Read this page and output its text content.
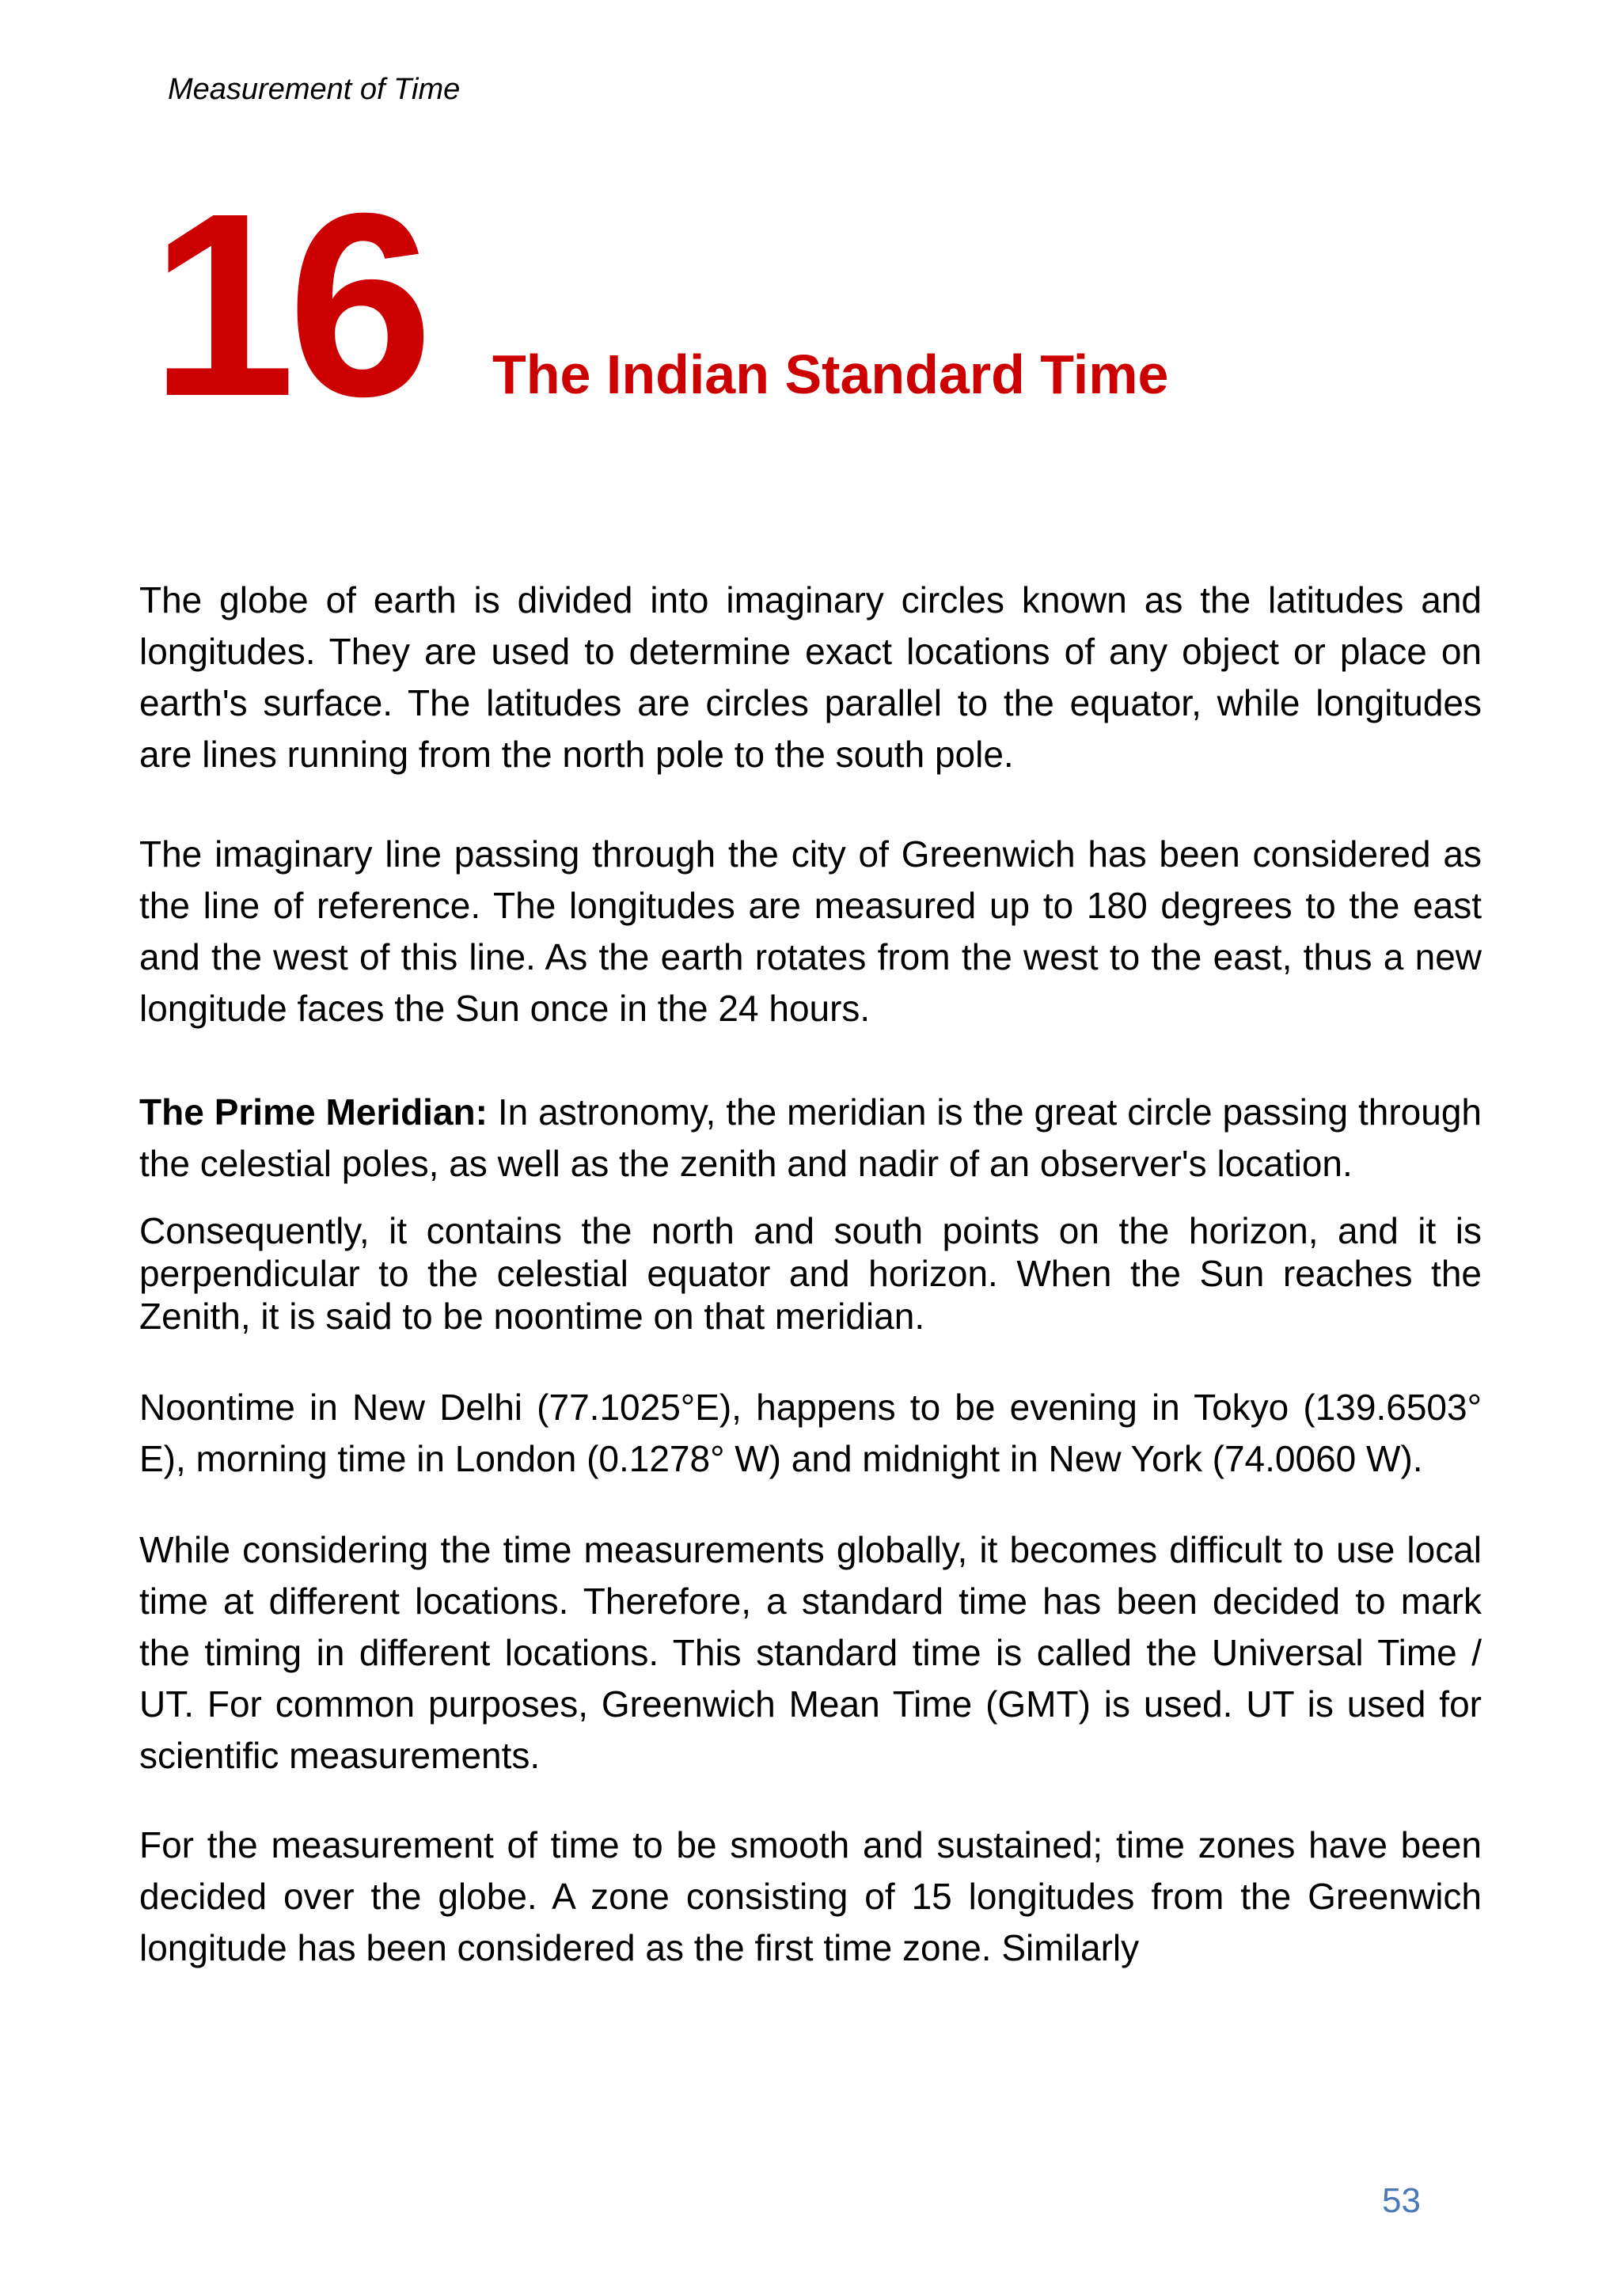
Measurement of Time
16 The Indian Standard Time

The globe of earth is divided into imaginary circles known as the latitudes and longitudes. They are used to determine exact locations of any object or place on earth's surface. The latitudes are circles parallel to the equator, while longitudes are lines running from the north pole to the south pole.

The imaginary line passing through the city of Greenwich has been considered as the line of reference. The longitudes are measured up to 180 degrees to the east and the west of this line. As the earth rotates from the west to the east, thus a new longitude faces the Sun once in the 24 hours.

The Prime Meridian: In astronomy, the meridian is the great circle passing through the celestial poles, as well as the zenith and nadir of an observer's location.

Consequently, it contains the north and south points on the horizon, and it is perpendicular to the celestial equator and horizon. When the Sun reaches the Zenith, it is said to be noontime on that meridian.

Noontime in New Delhi (77.1025°E), happens to be evening in Tokyo (139.6503° E), morning time in London (0.1278° W) and midnight in New York (74.0060 W).

While considering the time measurements globally, it becomes difficult to use local time at different locations. Therefore, a standard time has been decided to mark the timing in different locations. This standard time is called the Universal Time / UT. For common purposes, Greenwich Mean Time (GMT) is used. UT is used for scientific measurements.

For the measurement of time to be smooth and sustained; time zones have been decided over the globe. A zone consisting of 15 longitudes from the Greenwich longitude has been considered as the first time zone. Similarly

53
